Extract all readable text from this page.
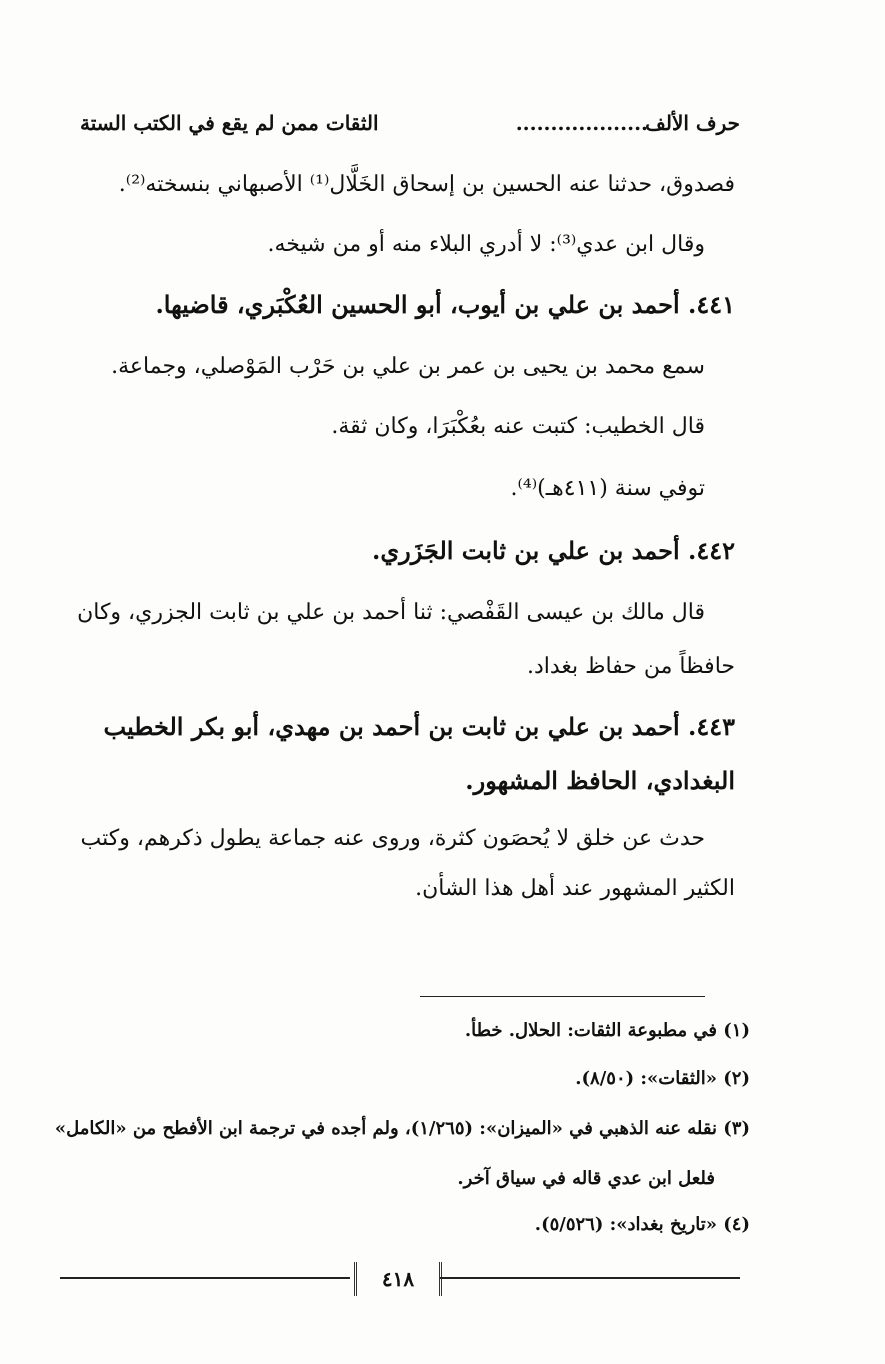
حرف الألف
...................
الثقات ممن لم يقع في الكتب الستة
فصدوق، حدثنا عنه الحسين بن إسحاق الخَلَّال⁽¹⁾ الأصبهاني بنسخته⁽²⁾.
وقال ابن عدي⁽³⁾: لا أدري البلاء منه أو من شيخه.
٤٤١. أحمد بن علي بن أيوب، أبو الحسين العُكْبَري، قاضيها.
سمع محمد بن يحيى بن عمر بن علي بن حَرْب المَوْصلي، وجماعة.
قال الخطيب: كتبت عنه بعُكْبَرَا، وكان ثقة.
توفي سنة (٤١١هـ)⁽⁴⁾.
٤٤٢. أحمد بن علي بن ثابت الجَزَري.
قال مالك بن عيسى القَفْصي: ثنا أحمد بن علي بن ثابت الجزري، وكان
حافظاً من حفاظ بغداد.
٤٤٣. أحمد بن علي بن ثابت بن أحمد بن مهدي، أبو بكر الخطيب
البغدادي، الحافظ المشهور.
حدث عن خلق لا يُحصَون كثرة، وروى عنه جماعة يطول ذكرهم، وكتب
الكثير المشهور عند أهل هذا الشأن.
(١) في مطبوعة الثقات: الحلال. خطأ.
(٢) «الثقات»: (٨/٥٠).
(٣) نقله عنه الذهبي في «الميزان»: (١/٢٦٥)، ولم أجده في ترجمة ابن الأفطح من «الكامل»
فلعل ابن عدي قاله في سياق آخر.
(٤) «تاريخ بغداد»: (٥/٥٢٦).
٤١٨
